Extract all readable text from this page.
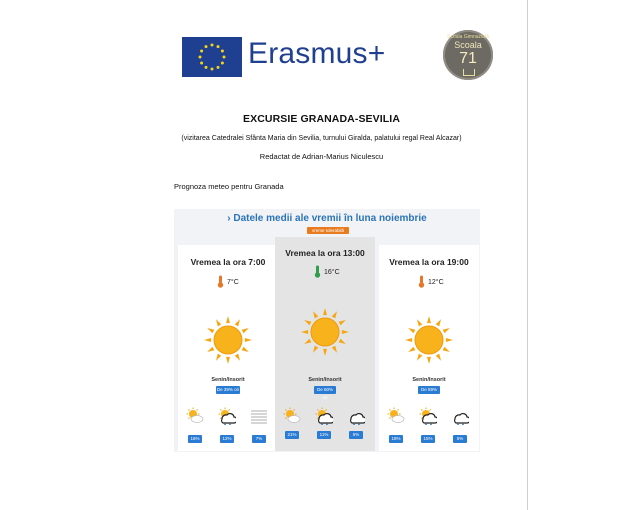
Erasmus+	Școala Gimnazială
Scoala
71
EXCURSIE GRANADA-SEVILIA
(vizitarea Catedralei Sfânta Maria din Sevilia, turnului Giralda, palatului regal Real Alcazar)
Redactat de Adrian-Marius Niculescu
Prognoza meteo pentru Granada
› Datele medii ale vremii în luna noiembrie
vreme tolerabilă
Vremea la ora 7:00
7°C
Senin/însorit
De 39% ori
16%	12%	7%
Vremea la ora 13:00
16°C
Senin/însorit
De 60% ori
21%	11%	5%
Vremea la ora 19:00
12°C
Senin/însorit
De 59% ori
18%	15%	5%
